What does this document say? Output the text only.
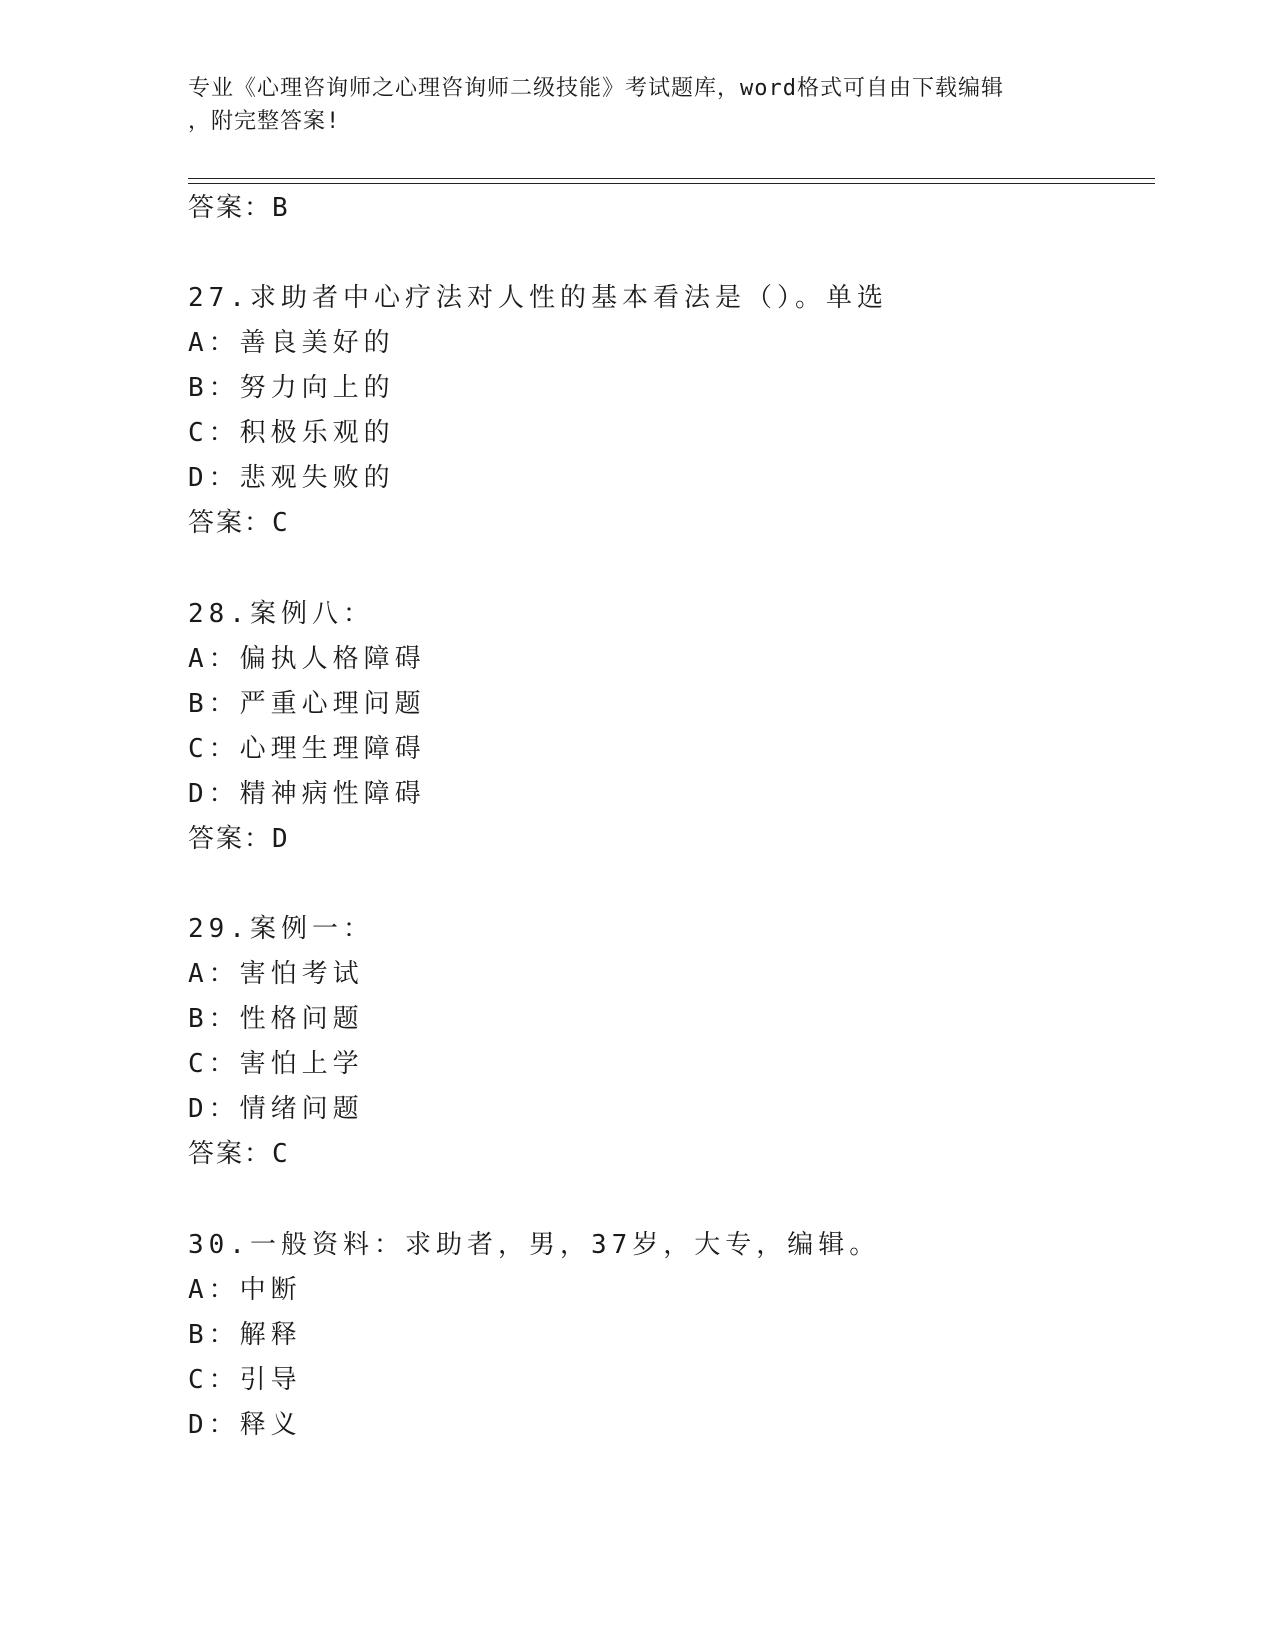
专业《心理咨询师之心理咨询师二级技能》考试题库，word格式可自由下载编辑
，附完整答案!
答案：B
27.求助者中心疗法对人性的基本看法是（）。单选
A：善良美好的
B：努力向上的
C：积极乐观的
D：悲观失败的
答案：C
28.案例八：
A：偏执人格障碍
B：严重心理问题
C：心理生理障碍
D：精神病性障碍
答案：D
29.案例一：
A：害怕考试
B：性格问题
C：害怕上学
D：情绪问题
答案：C
30.一般资料：求助者，男，37岁，大专，编辑。
A：中断
B：解释
C：引导
D：释义
